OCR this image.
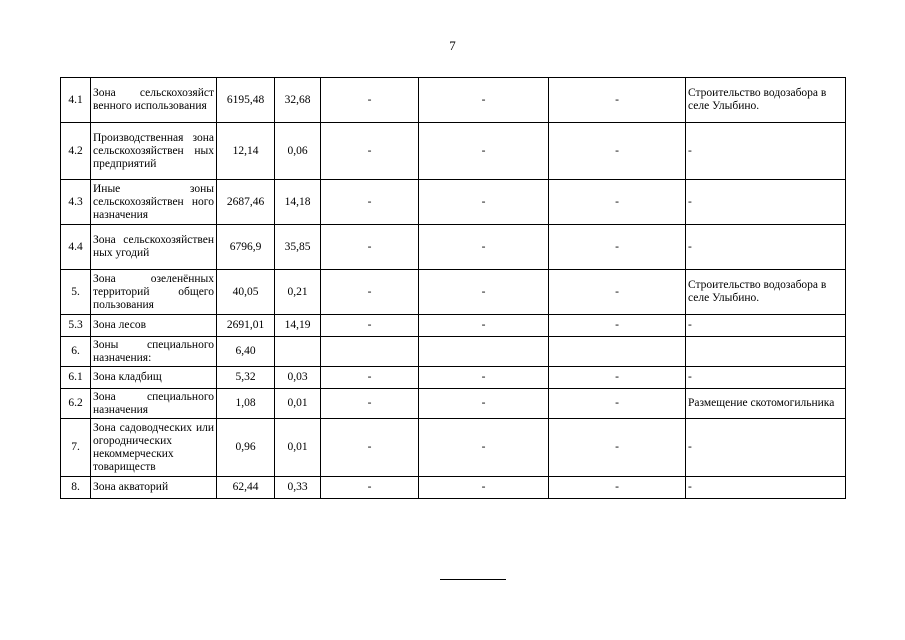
7
4.1	Зона сельскохозяйст венного использования	6195,48	32,68	-	-	-	Строительство водозабора в селе Улыбино.
4.2	Производственная зона сельскохозяйствен ных предприятий	12,14	0,06	-	-	-	-
4.3	Иные зоны сельскохозяйствен ного назначения	2687,46	14,18	-	-	-	-
4.4	Зона сельскохозяйствен ных угодий	6796,9	35,85	-	-	-	-
5.	Зона озеленённых территорий общего пользования	40,05	0,21	-	-	-	Строительство водозабора в селе Улыбино.
5.3	Зона лесов	2691,01	14,19	-	-	-	-
6.	Зоны специального назначения:	6,40					
6.1	Зона кладбищ	5,32	0,03	-	-	-	-
6.2	Зона специального назначения	1,08	0,01	-	-	-	Размещение скотомогильника
7.	Зона садоводческих или огороднических некоммерческих товариществ	0,96	0,01	-	-	-	-
8.	Зона акваторий	62,44	0,33	-	-	-	-
